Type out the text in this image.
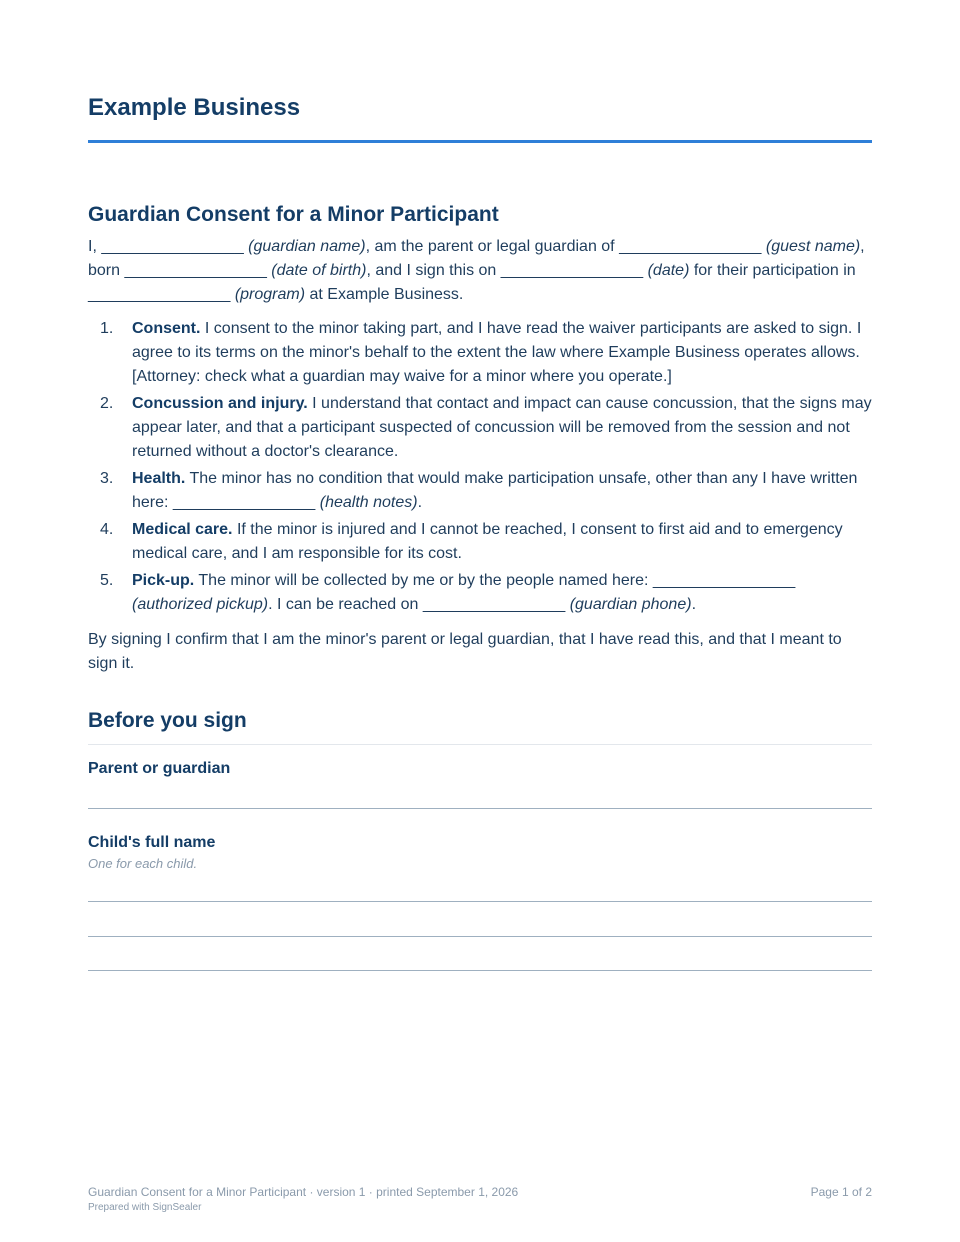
Example Business
Guardian Consent for a Minor Participant

I, ________________ (guardian name), am the parent or legal guardian of ________________ (guest name), born ________________ (date of birth), and I sign this on ________________ (date) for their participation in ________________ (program) at Example Business.

1. Consent. I consent to the minor taking part, and I have read the waiver participants are asked to sign. I agree to its terms on the minor's behalf to the extent the law where Example Business operates allows. [Attorney: check what a guardian may waive for a minor where you operate.]
2. Concussion and injury. I understand that contact and impact can cause concussion, that the signs may appear later, and that a participant suspected of concussion will be removed from the session and not returned without a doctor's clearance.
3. Health. The minor has no condition that would make participation unsafe, other than any I have written here: ________________ (health notes).
4. Medical care. If the minor is injured and I cannot be reached, I consent to first aid and to emergency medical care, and I am responsible for its cost.
5. Pick-up. The minor will be collected by me or by the people named here: ________________ (authorized pickup). I can be reached on ________________ (guardian phone).

By signing I confirm that I am the minor's parent or legal guardian, that I have read this, and that I meant to sign it.

Before you sign
Parent or guardian
Child's full name
One for each child.
Guardian Consent for a Minor Participant · version 1 · printed September 1, 2026
Prepared with SignSealer
Page 1 of 2
